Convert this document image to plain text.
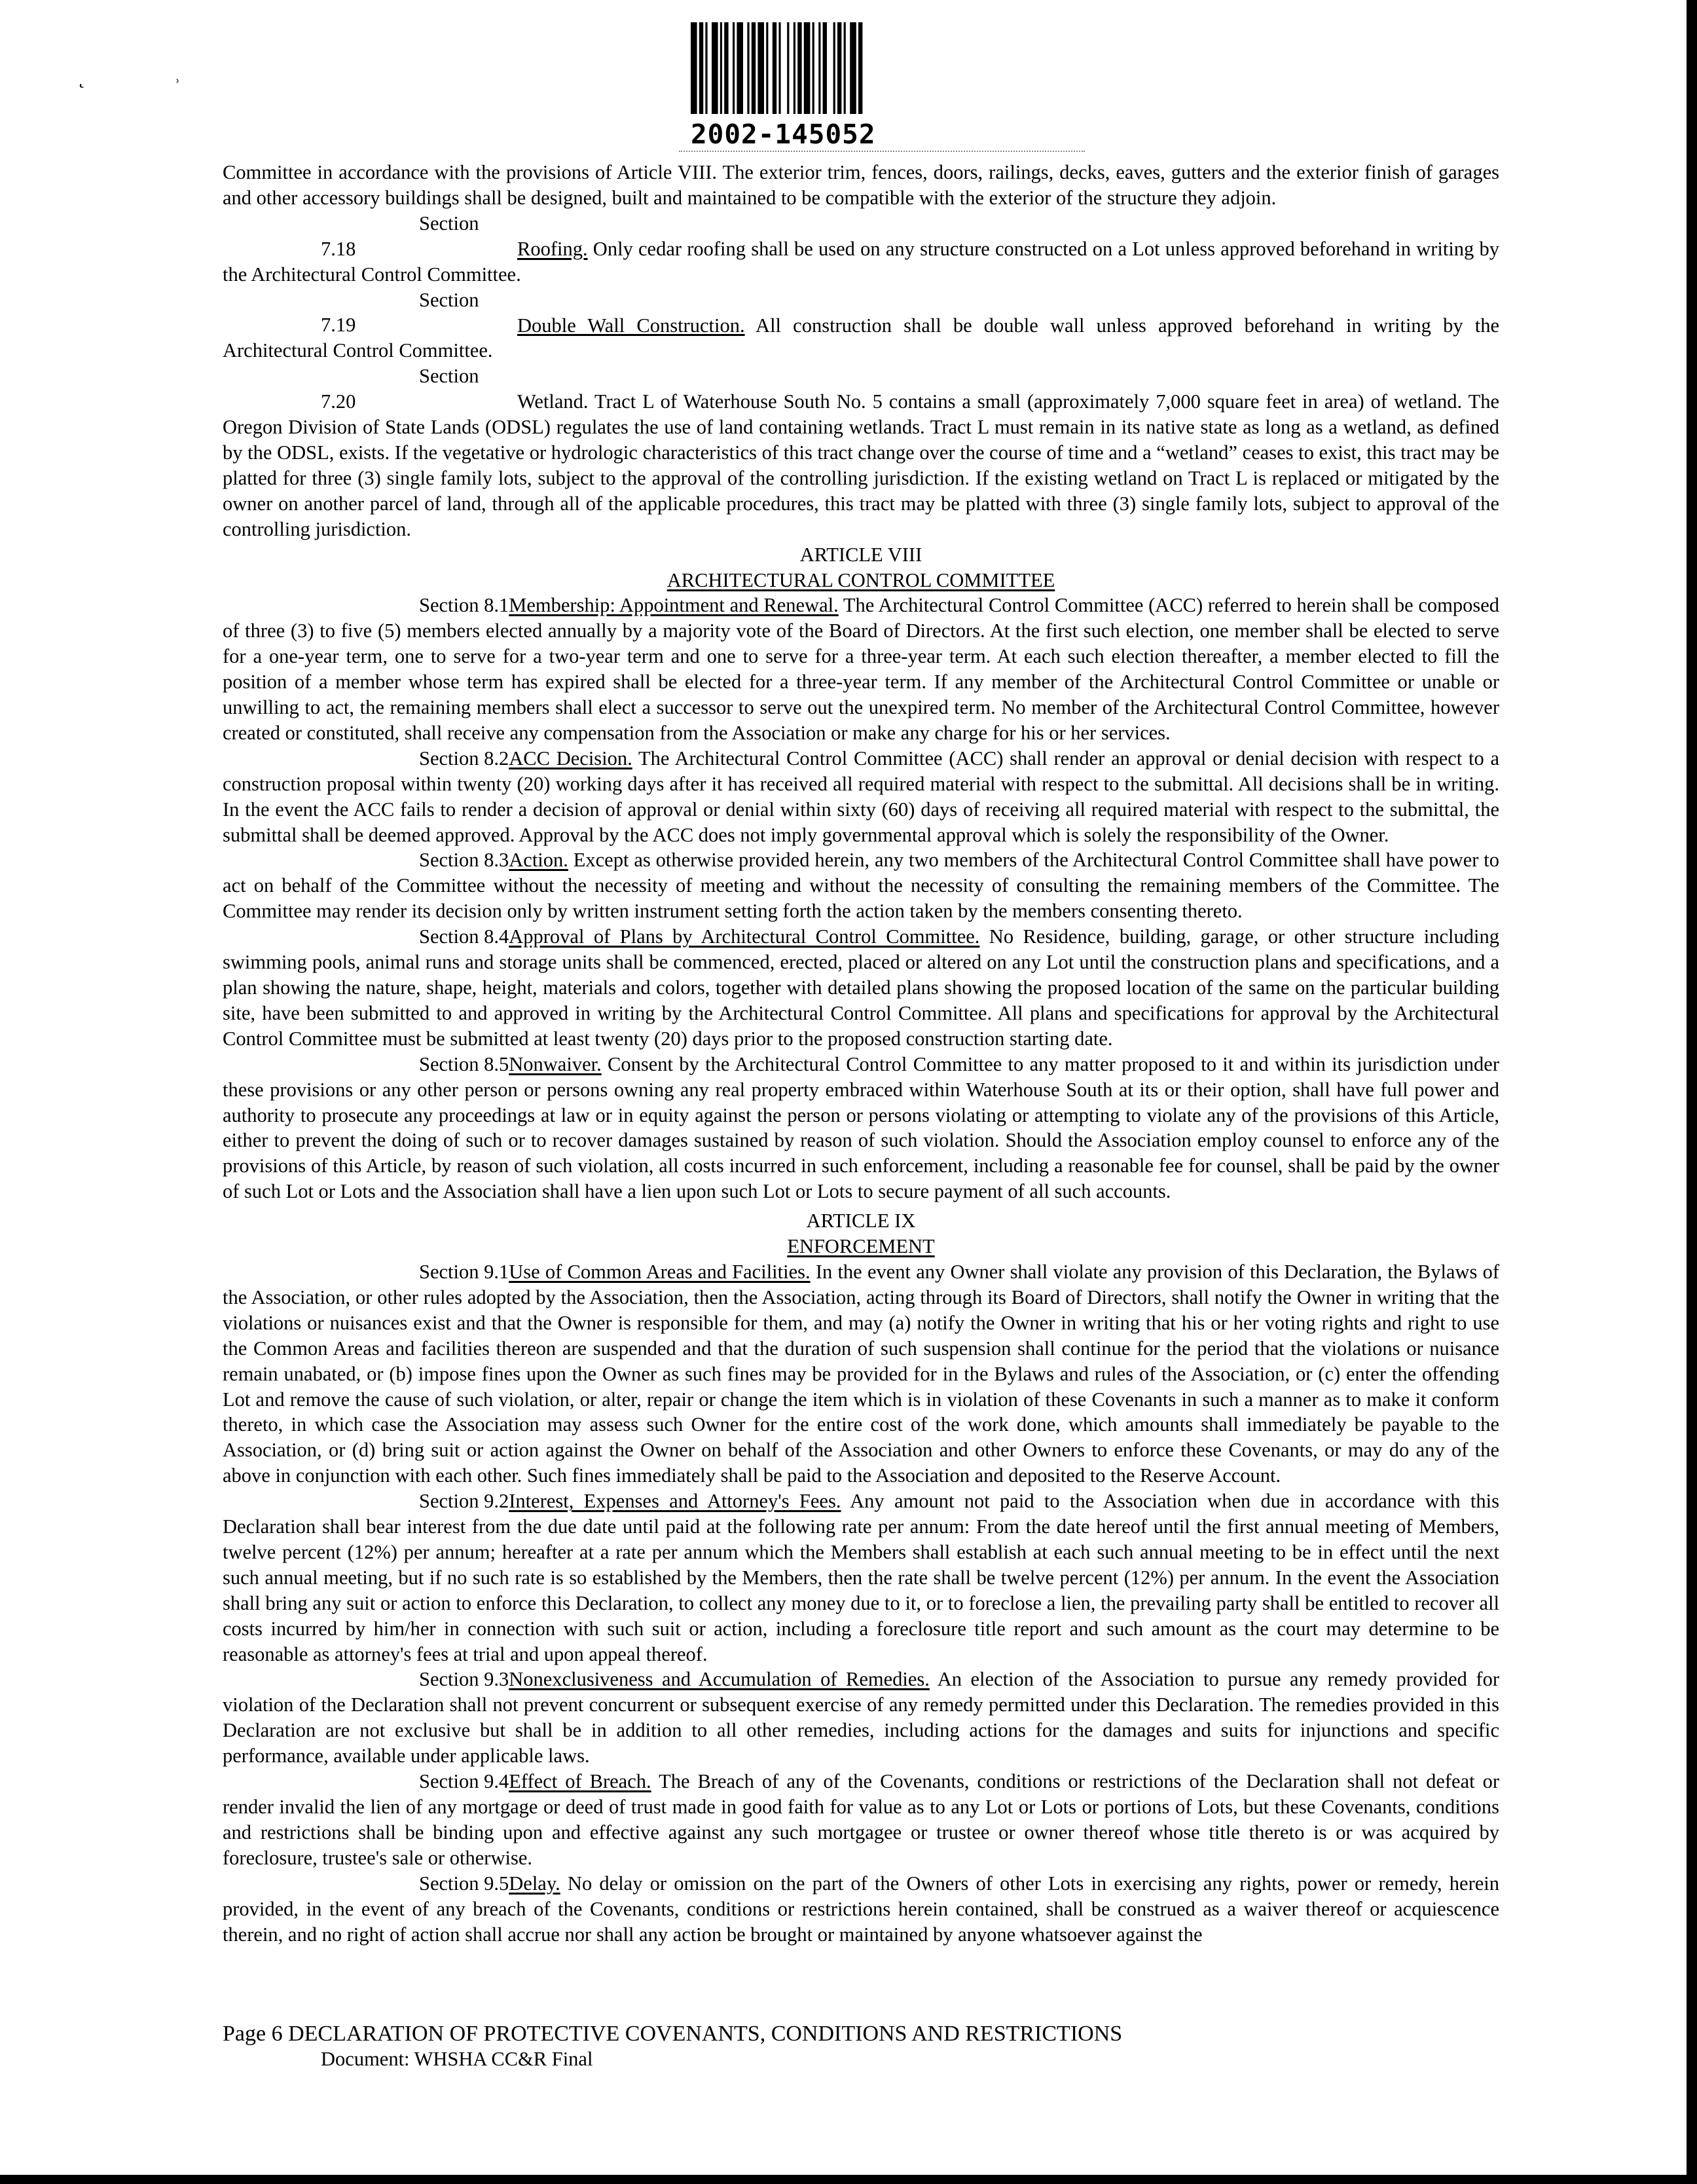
˛	˒
2002-145052

Committee in accordance with the provisions of Article VIII. The exterior trim, fences, doors, railings, decks, eaves, gutters and the exterior finish of garages and other accessory buildings shall be designed, built and maintained to be compatible with the exterior of the structure they adjoin.

Section 7.18	Roofing. Only cedar roofing shall be used on any structure constructed on a Lot unless approved beforehand in writing by the Architectural Control Committee.

Section 7.19	Double Wall Construction. All construction shall be double wall unless approved beforehand in writing by the Architectural Control Committee.

Section 7.20	Wetland. Tract L of Waterhouse South No. 5 contains a small (approximately 7,000 square feet in area) of wetland. The Oregon Division of State Lands (ODSL) regulates the use of land containing wetlands. Tract L must remain in its native state as long as a wetland, as defined by the ODSL, exists. If the vegetative or hydrologic characteristics of this tract change over the course of time and a “wetland” ceases to exist, this tract may be platted for three (3) single family lots, subject to the approval of the controlling jurisdiction. If the existing wetland on Tract L is replaced or mitigated by the owner on another parcel of land, through all of the applicable procedures, this tract may be platted with three (3) single family lots, subject to approval of the controlling jurisdiction.

ARTICLE VIII

ARCHITECTURAL CONTROL COMMITTEE

Section 8.1Membership: Appointment and Renewal. The Architectural Control Committee (ACC) referred to herein shall be composed of three (3) to five (5) members elected annually by a majority vote of the Board of Directors. At the first such election, one member shall be elected to serve for a one-year term, one to serve for a two-year term and one to serve for a three-year term. At each such election thereafter, a member elected to fill the position of a member whose term has expired shall be elected for a three-year term. If any member of the Architectural Control Committee or unable or unwilling to act, the remaining members shall elect a successor to serve out the unexpired term. No member of the Architectural Control Committee, however created or constituted, shall receive any compensation from the Association or make any charge for his or her services.

Section 8.2ACC Decision. The Architectural Control Committee (ACC) shall render an approval or denial decision with respect to a construction proposal within twenty (20) working days after it has received all required material with respect to the submittal. All decisions shall be in writing. In the event the ACC fails to render a decision of approval or denial within sixty (60) days of receiving all required material with respect to the submittal, the submittal shall be deemed approved. Approval by the ACC does not imply governmental approval which is solely the responsibility of the Owner.

Section 8.3Action. Except as otherwise provided herein, any two members of the Architectural Control Committee shall have power to act on behalf of the Committee without the necessity of meeting and without the necessity of consulting the remaining members of the Committee. The Committee may render its decision only by written instrument setting forth the action taken by the members consenting thereto.

Section 8.4Approval of Plans by Architectural Control Committee. No Residence, building, garage, or other structure including swimming pools, animal runs and storage units shall be commenced, erected, placed or altered on any Lot until the construction plans and specifications, and a plan showing the nature, shape, height, materials and colors, together with detailed plans showing the proposed location of the same on the particular building site, have been submitted to and approved in writing by the Architectural Control Committee. All plans and specifications for approval by the Architectural Control Committee must be submitted at least twenty (20) days prior to the proposed construction starting date.

Section 8.5Nonwaiver. Consent by the Architectural Control Committee to any matter proposed to it and within its jurisdiction under these provisions or any other person or persons owning any real property embraced within Waterhouse South at its or their option, shall have full power and authority to prosecute any proceedings at law or in equity against the person or persons violating or attempting to violate any of the provisions of this Article, either to prevent the doing of such or to recover damages sustained by reason of such violation. Should the Association employ counsel to enforce any of the provisions of this Article, by reason of such violation, all costs incurred in such enforcement, including a reasonable fee for counsel, shall be paid by the owner of such Lot or Lots and the Association shall have a lien upon such Lot or Lots to secure payment of all such accounts.

ARTICLE IX

ENFORCEMENT

Section 9.1Use of Common Areas and Facilities. In the event any Owner shall violate any provision of this Declaration, the Bylaws of the Association, or other rules adopted by the Association, then the Association, acting through its Board of Directors, shall notify the Owner in writing that the violations or nuisances exist and that the Owner is responsible for them, and may (a) notify the Owner in writing that his or her voting rights and right to use the Common Areas and facilities thereon are suspended and that the duration of such suspension shall continue for the period that the violations or nuisance remain unabated, or (b) impose fines upon the Owner as such fines may be provided for in the Bylaws and rules of the Association, or (c) enter the offending Lot and remove the cause of such violation, or alter, repair or change the item which is in violation of these Covenants in such a manner as to make it conform thereto, in which case the Association may assess such Owner for the entire cost of the work done, which amounts shall immediately be payable to the Association, or (d) bring suit or action against the Owner on behalf of the Association and other Owners to enforce these Covenants, or may do any of the above in conjunction with each other. Such fines immediately shall be paid to the Association and deposited to the Reserve Account.

Section 9.2Interest, Expenses and Attorney's Fees. Any amount not paid to the Association when due in accordance with this Declaration shall bear interest from the due date until paid at the following rate per annum: From the date hereof until the first annual meeting of Members, twelve percent (12%) per annum; hereafter at a rate per annum which the Members shall establish at each such annual meeting to be in effect until the next such annual meeting, but if no such rate is so established by the Members, then the rate shall be twelve percent (12%) per annum. In the event the Association shall bring any suit or action to enforce this Declaration, to collect any money due to it, or to foreclose a lien, the prevailing party shall be entitled to recover all costs incurred by him/her in connection with such suit or action, including a foreclosure title report and such amount as the court may determine to be reasonable as attorney's fees at trial and upon appeal thereof.

Section 9.3Nonexclusiveness and Accumulation of Remedies. An election of the Association to pursue any remedy provided for violation of the Declaration shall not prevent concurrent or subsequent exercise of any remedy permitted under this Declaration. The remedies provided in this Declaration are not exclusive but shall be in addition to all other remedies, including actions for the damages and suits for injunctions and specific performance, available under applicable laws.

Section 9.4Effect of Breach. The Breach of any of the Covenants, conditions or restrictions of the Declaration shall not defeat or render invalid the lien of any mortgage or deed of trust made in good faith for value as to any Lot or Lots or portions of Lots, but these Covenants, conditions and restrictions shall be binding upon and effective against any such mortgagee or trustee or owner thereof whose title thereto is or was acquired by foreclosure, trustee's sale or otherwise.

Section 9.5Delay. No delay or omission on the part of the Owners of other Lots in exercising any rights, power or remedy, herein provided, in the event of any breach of the Covenants, conditions or restrictions herein contained, shall be construed as a waiver thereof or acquiescence therein, and no right of action shall accrue nor shall any action be brought or maintained by anyone whatsoever against the

Page 6 DECLARATION OF PROTECTIVE COVENANTS, CONDITIONS AND RESTRICTIONS
Document: WHSHA CC&R Final
